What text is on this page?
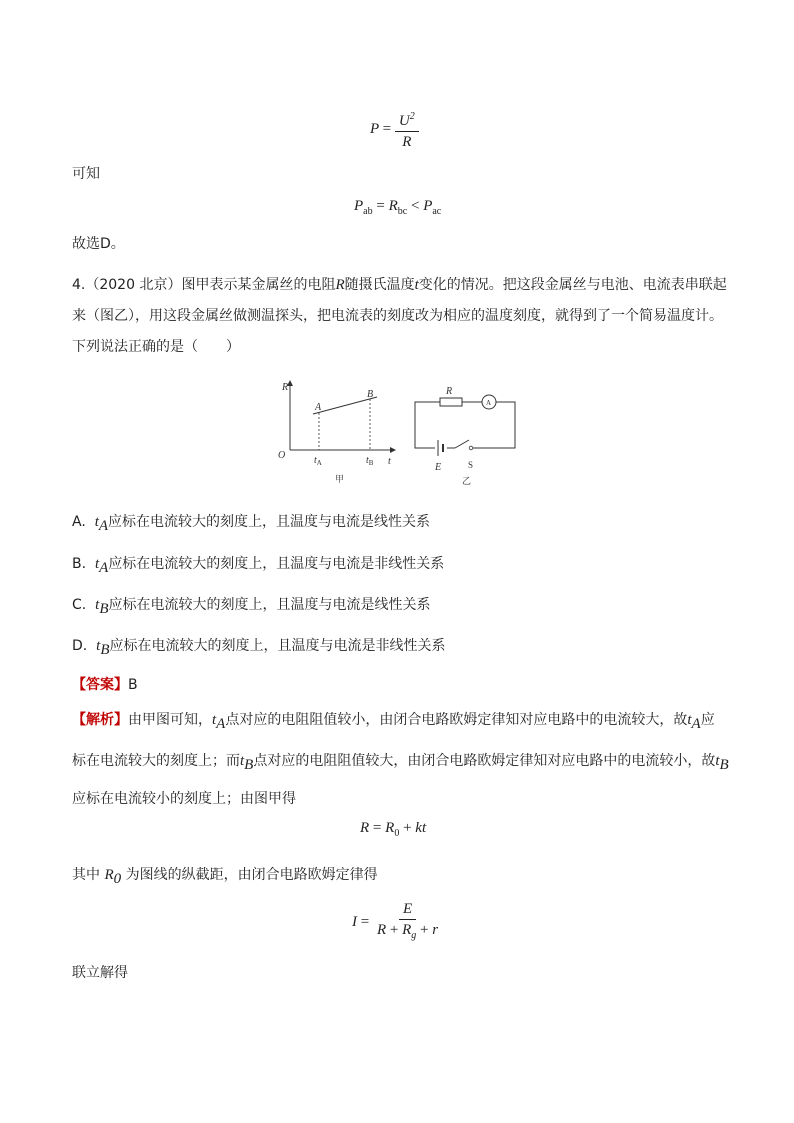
$P = \frac{U^2}{R}$
可知
$P_{ab} = R_{bc} < P_{ac}$
故选D。
4.（2020 北京）图甲表示某金属丝的电阻R随摄氏温度t变化的情况。把这段金属丝与电池、电流表串联起
来（图乙），用这段金属丝做测温探头，把电流表的刻度改为相应的温度刻度，就得到了一个简易温度计。
下列说法正确的是（　　）
R
t
O
A
B
$t_A$	$t_B$
甲
A
R
E	S
乙
A. $t_A$应标在电流较大的刻度上，且温度与电流是线性关系
B. $t_A$应标在电流较大的刻度上，且温度与电流是非线性关系
C. $t_B$应标在电流较大的刻度上，且温度与电流是线性关系
D. $t_B$应标在电流较大的刻度上，且温度与电流是非线性关系
【答案】B
【解析】由甲图可知，$t_A$点对应的电阻阻值较小，由闭合电路欧姆定律知对应电路中的电流较大，故$t_A$应
标在电流较大的刻度上；而$t_B$点对应的电阻阻值较大，由闭合电路欧姆定律知对应电路中的电流较小，故$t_B$
应标在电流较小的刻度上；由图甲得
$R = R_0$ + kt
其中 $R_0$ 为图线的纵截距，由闭合电路欧姆定律得
$I = \frac{E}{R + R_g + r}$
联立解得
